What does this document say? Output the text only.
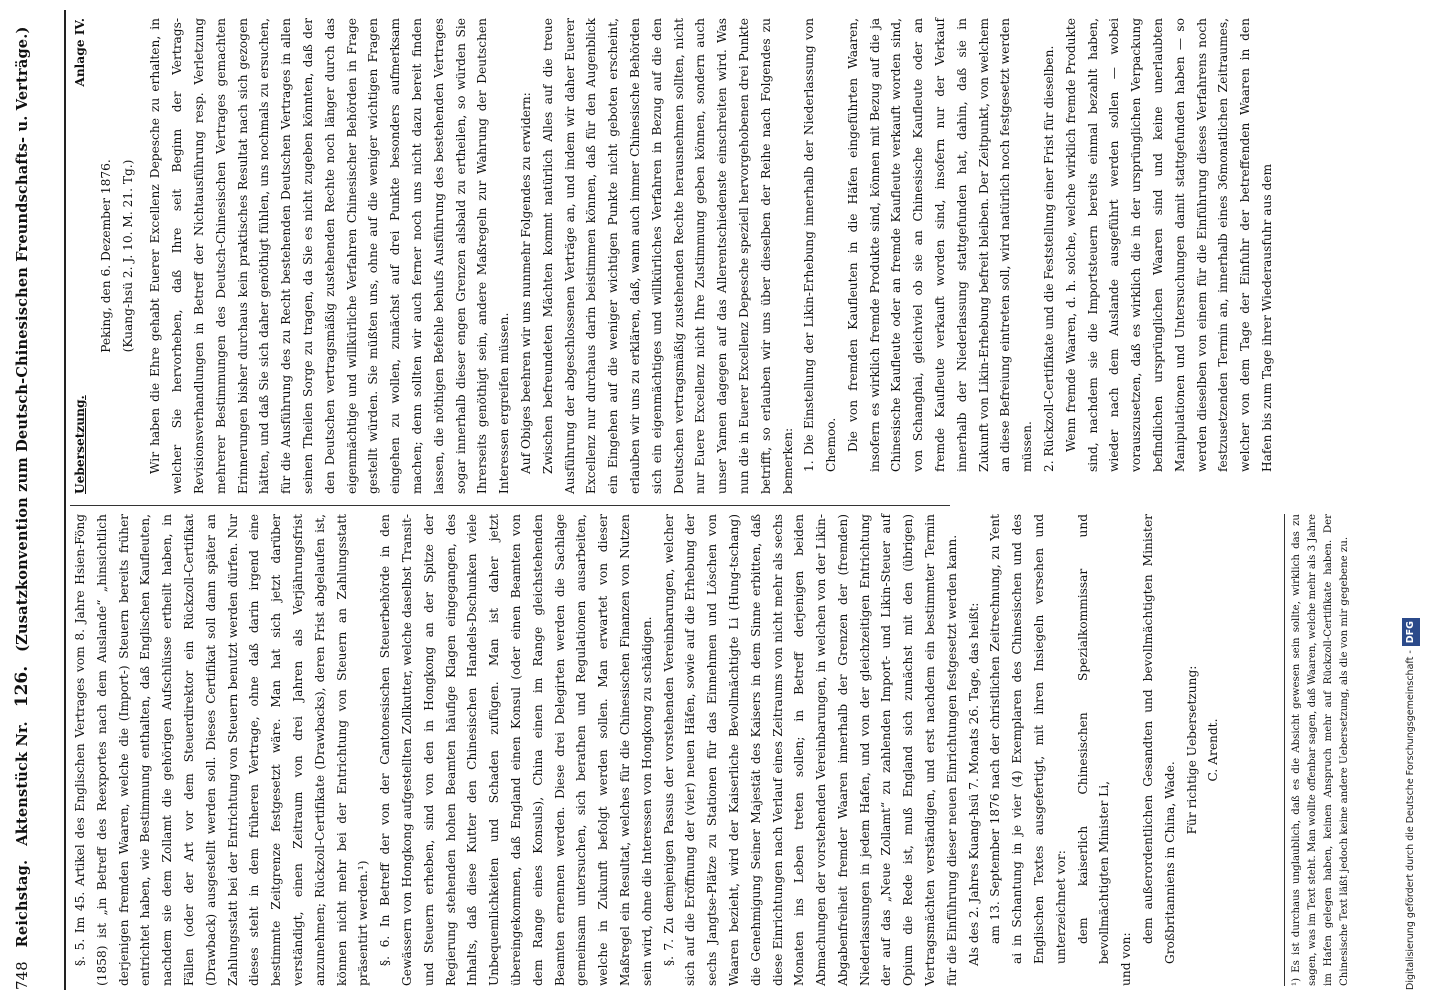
748
Reichstag.
Aktenstück Nr.
126.
(Zusatzkonvention zum Deutsch-Chinesischen Freundschafts- u. Verträge.)

§. 5. Im 45. Artikel des Englischen Vertrages vom 8. Jahre Hsien-Föng (1858) ist „in Betreff des Reexportes nach dem Auslande“ „hinsichtlich derjenigen fremden Waaren, welche die (Import-) Steuern bereits früher entrichtet haben, wie Bestimmung enthalten, daß Englischen Kaufleuten, nachdem sie dem Zollamt die gehörigen Aufschlüsse ertheilt haben, in Fällen (oder der Art vor dem Steuerdirektor ein Rückzoll-Certifikat (Drawback) ausgestellt werden soll. Dieses Certifikat soll dann später an Zahlungsstatt bei der Entrichtung von Steuern benutzt werden dürfen. Nur dieses steht in dem früheren Vertrage, ohne daß darin irgend eine bestimmte Zeitgrenze festgesetzt wäre. Man hat sich jetzt darüber verständigt, einen Zeitraum von drei Jahren als Verjährungsfrist anzunehmen; Rückzoll-Certifikate (Drawbacks), deren Frist abgelaufen ist, können nicht mehr bei der Entrichtung von Steuern an Zahlungsstatt präsentirt werden.¹) §. 6. In Betreff der von der Cantonesischen Steuerbehörde in den Gewässern von Hongkong aufgestellten Zollkutter, welche daselbst Transit- und Steuern erheben, sind von den in Hongkong an der Spitze der Regierung stehenden hohen Beamten häufige Klagen eingegangen, des Inhalts, daß diese Kutter den Chinesischen Handels-Dschunken viele Unbequemlichkeiten und Schaden zufügen. Man ist daher jetzt übereingekommen, daß England einen Konsul (oder einen Beamten von dem Range eines Konsuls), China einen im Range gleichstehenden Beamten ernennen werden. Diese drei Delegirten werden die Sachlage gemeinsam untersuchen, sich berathen und Regulationen ausarbeiten, welche in Zukunft befolgt werden sollen. Man erwartet von dieser Maßregel ein Resultat, welches für die Chinesischen Finanzen von Nutzen sein wird, ohne die Interessen von Hongkong zu schädigen. §. 7. Zu demjenigen Passus der vorstehenden Vereinbarungen, welcher sich auf die Eröffnung der (vier) neuen Häfen, sowie auf die Erhebung der sechs Jangtse-Plätze zu Stationen für das Einnehmen und Löschen von Waaren bezieht, wird der Kaiserliche Bevollmächtigte Li (Hung-tschang) die Genehmigung Seiner Majestät des Kaisers in dem Sinne erbitten, daß diese Einrichtungen nach Verlauf eines Zeitraums von nicht mehr als sechs Monaten ins Leben treten sollen; in Betreff derjenigen beiden Abmachungen der vorstehenden Vereinbarungen, in welchen von der Likin-Abgabenfreiheit fremder Waaren innerhalb der Grenzen der (fremden) Niederlassungen in jedem Hafen, und von der gleichzeitigen Entrichtung der auf das „Neue Zollamt“ zu zahlenden Import- und Likin-Steuer auf Opium die Rede ist, muß England sich zunächst mit den (übrigen) Vertragsmächten verständigen, und erst nachdem ein bestimmter Termin für die Einführung dieser neuen Einrichtungen festgesetzt werden kann. Als des 2. Jahres Kuang-hsü 7. Monats 26. Tage, das heißt: am 13. September 1876 nach der christlichen Zeitrechnung, zu Yent ai in Schantung in je vier (4) Exemplaren des Chinesischen und des Englischen Textes ausgefertigt, mit ihren Insiegeln versehen und unterzeichnet vor: dem kaiserlich Chinesischen Spezialkommissar und bevollmächtigten Minister Li, und von:

dem außerordentlichen Gesandten und bevollmächtigten Minister Großbritanniens in China, Wade.

Für richtige Uebersetzung: C. Arendt.

Uebersetzung.
Anlage IV.

Peking, den 6. Dezember 1876. (Kuang-hsü 2. J. 10. M. 21. Tg.)	Wir haben die Ehre gehabt Euerer Excellenz Depesche zu erhalten, in welcher Sie hervorheben, daß Ihre seit Beginn der Vertrags-Revisionsverhandlungen in Betreff der Nichtausführung resp. Verletzung mehrerer Bestimmungen des Deutsch-Chinesischen Vertrages gemachten Erinnerungen bisher durchaus kein praktisches Resultat nach sich gezogen hätten, und daß Sie sich daher genöthigt fühlen, uns nochmals zu ersuchen, für die Ausführung des zu Recht bestehenden Deutschen Vertrages in allen seinen Theilen Sorge zu tragen, da Sie es nicht zugeben könnten, daß der den Deutschen vertragsmäßig zustehenden Rechte noch länger durch das eigenmächtige und willkürliche Verfahren Chinesischer Behörden in Frage gestellt würden. Sie müßten uns, ohne auf die weniger wichtigen Fragen eingehen zu wollen, zunächst auf drei Punkte besonders aufmerksam machen; denn sollten wir auch ferner noch uns nicht dazu bereit finden lassen, die nöthigen Befehle behufs Ausführung des bestehenden Vertrages sogar innerhalb dieser engen Grenzen alsbald zu ertheilen, so würden Sie Ihrerseits genöthigt sein, andere Maßregeln zur Wahrung der Deutschen Interessen ergreifen müssen. Auf Obiges beehren wir uns nunmehr Folgendes zu erwidern: Zwischen befreundeten Mächten kommt natürlich Alles auf die treue Ausführung der abgeschlossenen Verträge an, und indem wir daher Euerer Excellenz nur durchaus darin beistimmen können, daß für den Augenblick ein Eingehen auf die weniger wichtigen Punkte nicht geboten erscheint, erlauben wir uns zu erklären, daß, wann auch immer Chinesische Behörden sich ein eigenmächtiges und willkürliches Verfahren in Bezug auf die den Deutschen vertragsmäßig zustehenden Rechte herausnehmen sollten, nicht nur Euere Excellenz nicht Ihre Zustimmung geben können, sondern auch unser Yamen dagegen auf das Allerentschiedenste einschreiten wird. Was nun die in Euerer Excellenz Depesche speziell hervorgehobenen drei Punkte betrifft, so erlauben wir uns über dieselben der Reihe nach Folgendes zu bemerken: 1. Die Einstellung der Likin-Erhebung innerhalb der Niederlassung von Chemoo. Die von fremden Kaufleuten in die Häfen eingeführten Waaren, insofern es wirklich fremde Produkte sind, können mit Bezug auf die ja Chinesische Kaufleute oder an fremde Kaufleute verkauft worden sind, von Schanghai, gleichviel ob sie an Chinesische Kaufleute oder an fremde Kaufleute verkauft worden sind, insofern nur der Verkauf innerhalb der Niederlassung stattgefunden hat, dahin, daß sie in Zukunft von Likin-Erhebung befreit bleiben. Der Zeitpunkt, von welchem an diese Befreiung eintreten soll, wird natürlich noch festgesetzt werden müssen. 2. Rückzoll-Certifikate und die Feststellung einer Frist für dieselben. Wenn fremde Waaren, d. h. solche, welche wirklich fremde Produkte sind, nachdem sie die Importsteuern bereits einmal bezahlt haben, wieder nach dem Auslande ausgeführt werden sollen — wobei vorauszusetzen, daß es wirklich die in der ursprünglichen Verpackung befindlichen ursprünglichen Waaren sind und keine unerlaubten Manipulationen und Untersuchungen damit stattgefunden haben — so werden dieselben von einem für die Einführung dieses Verfahrens noch festzusetzenden Termin an, innerhalb eines 36monatlichen Zeitraumes, welcher von dem Tage der Einfuhr der betreffenden Waaren in den Hafen bis zum Tage ihrer Wiederausfuhr aus dem

¹) Es ist durchaus unglaublich, daß es die Absicht gewesen sein sollte, wirklich das zu sagen, was im Text steht. Man wollte offenbar sagen, daß Waaren, welche mehr als 3 Jahre im Hafen gelegen haben, keinen Anspruch mehr auf Rückzoll-Certifikate haben. Der Chinesische Text läßt jedoch keine andere Uebersetzung, als die von mir gegebene zu.	Digitalisierung gefördert durch die Deutsche Forschungsgemeinschaft -DFG
